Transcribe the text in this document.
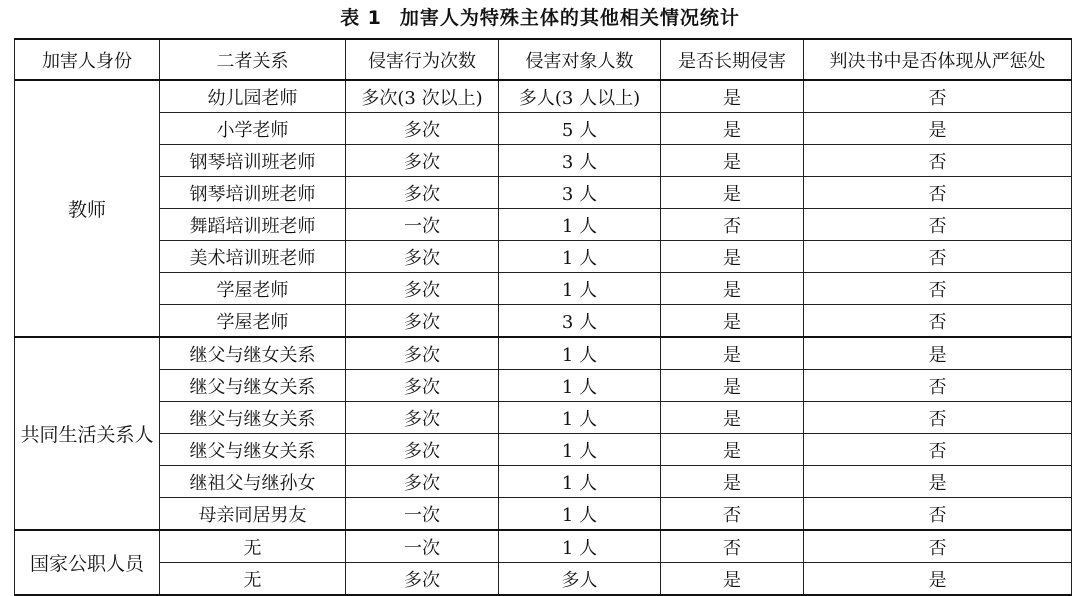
表 1 加害人为特殊主体的其他相关情况统计
加害人身份	二者关系	侵害行为次数	侵害对象人数	是否长期侵害	判决书中是否体现从严惩处
教师	幼儿园老师	多次(3 次以上)	多人(3 人以上)	是	否
	小学老师	多次	5 人	是	是
	钢琴培训班老师	多次	3 人	是	否
	钢琴培训班老师	多次	3 人	是	否
	舞蹈培训班老师	一次	1 人	否	否
	美术培训班老师	多次	1 人	是	否
	学屋老师	多次	1 人	是	否
	学屋老师	多次	3 人	是	否
共同生活关系人	继父与继女关系	多次	1 人	是	是
	继父与继女关系	多次	1 人	是	否
	继父与继女关系	多次	1 人	是	否
	继父与继女关系	多次	1 人	是	否
	继祖父与继孙女	多次	1 人	是	是
	母亲同居男友	一次	1 人	否	否
国家公职人员	无	一次	1 人	否	否
	无	多次	多人	是	是
